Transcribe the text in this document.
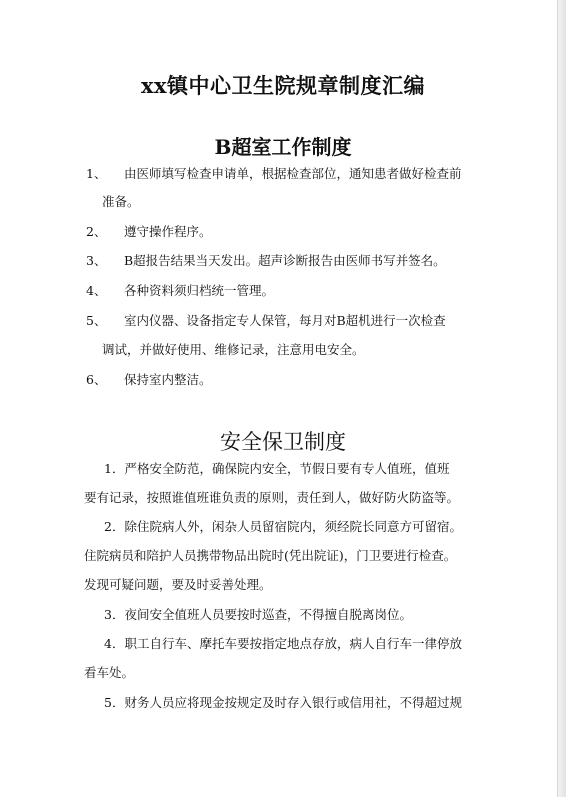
xx镇中心卫生院规章制度汇编
B超室工作制度
1、 由医师填写检查申请单，根据检查部位，通知患者做好检查前
准备。
2、 遵守操作程序。
3、 B超报告结果当天发出。超声诊断报告由医师书写并签名。
4、 各种资料须归档统一管理。
5、 室内仪器、设备指定专人保管，每月对B超机进行一次检查
调试，并做好使用、维修记录，注意用电安全。
6、 保持室内整洁。
安全保卫制度
1．严格安全防范，确保院内安全，节假日要有专人值班，值班
要有记录，按照谁值班谁负责的原则，责任到人，做好防火防盗等。
2．除住院病人外，闲杂人员留宿院内，须经院长同意方可留宿。
住院病员和陪护人员携带物品出院时(凭出院证)，门卫要进行检查。
发现可疑问题，要及时妥善处理。
3．夜间安全值班人员要按时巡查，不得擅自脱离岗位。
4．职工自行车、摩托车要按指定地点存放，病人自行车一律停放
看车处。
5．财务人员应将现金按规定及时存入银行或信用社，不得超过规
